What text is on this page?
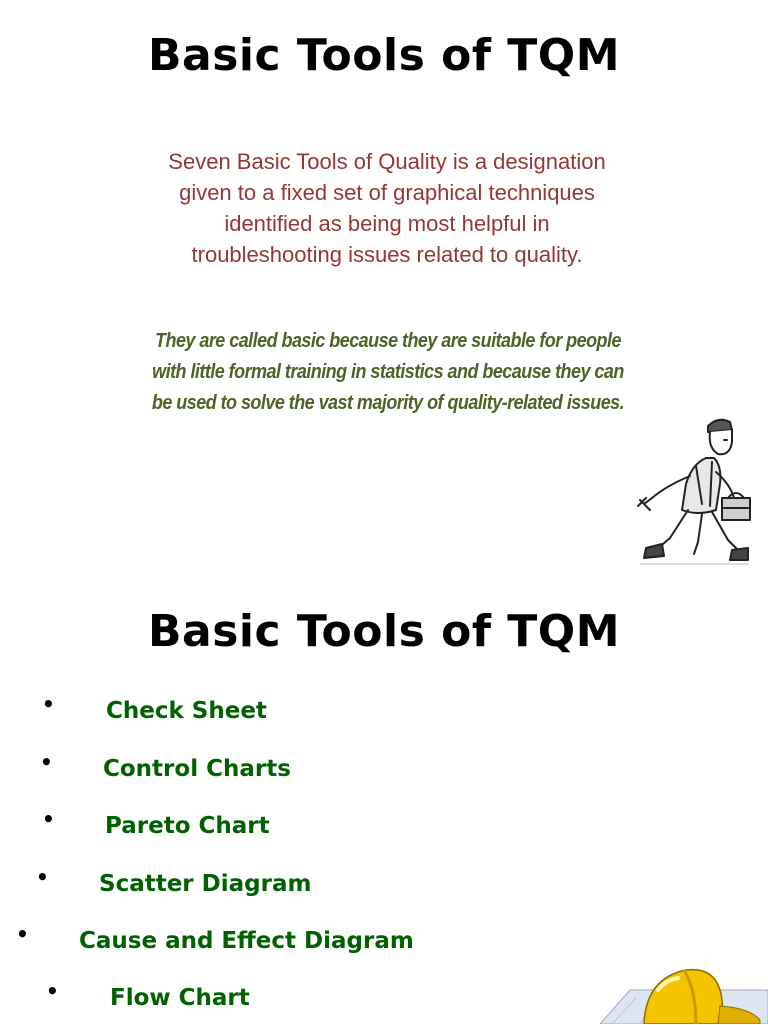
Basic Tools of TQM

Seven Basic Tools of Quality is a designation
given to a fixed set of graphical techniques
identified as being most helpful in
troubleshooting issues related to quality.

They are called basic because they are suitable for people
with little formal training in statistics and because they can
be used to solve the vast majority of quality-related issues.

Basic Tools of TQM
• Check Sheet
• Control Charts
• Pareto Chart
• Scatter Diagram
• Cause and Effect Diagram
• Flow Chart
